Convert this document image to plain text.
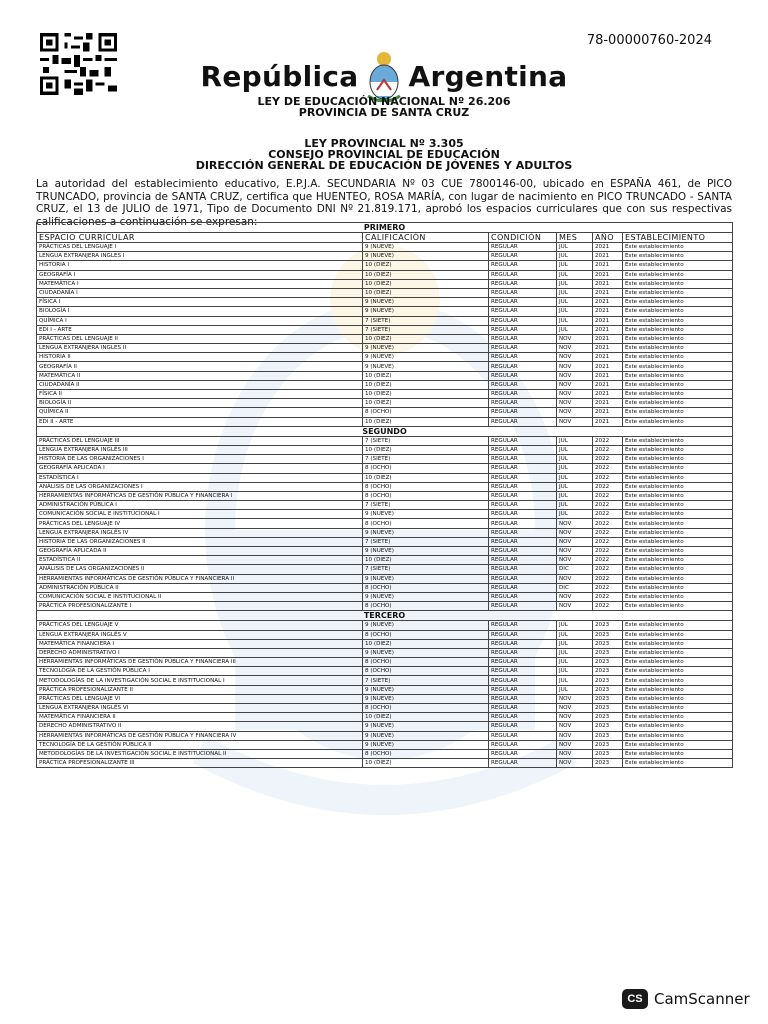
78-00000760-2024
República Argentina
LEY DE EDUCACIÓN NACIONAL Nº 26.206
PROVINCIA DE SANTA CRUZ
LEY PROVINCIAL Nº 3.305
CONSEJO PROVINCIAL DE EDUCACIÓN
DIRECCIÓN GENERAL DE EDUCACIÓN DE JÓVENES Y ADULTOS
La autoridad del establecimiento educativo, E.P.J.A. SECUNDARIA Nº 03 CUE 7800146-00, ubicado en ESPAÑA 461, de PICO TRUNCADO, provincia de SANTA CRUZ, certifica que HUENTEO, ROSA MARÍA, con lugar de nacimiento en PICO TRUNCADO - SANTA CRUZ, el 13 de JULIO de 1971, Tipo de Documento DNI Nº 21.819.171, aprobó los espacios curriculares que con sus respectivas calificaciones a continuación se expresan:	PRIMERO					
ESPACIO CURRICULAR	CALIFICACIÓN	CONDICIÓN	MES	AÑO	ESTABLECIMIENTO
PRÁCTICAS DEL LENGUAJE I	9 (NUEVE)	REGULAR	JUL	2021	Este establecimiento
LENGUA EXTRANJERA INGLES I	9 (NUEVE)	REGULAR	JUL	2021	Este establecimiento
HISTORIA I	10 (DIEZ)	REGULAR	JUL	2021	Este establecimiento
GEOGRAFÍA I	10 (DIEZ)	REGULAR	JUL	2021	Este establecimiento
MATEMÁTICA I	10 (DIEZ)	REGULAR	JUL	2021	Este establecimiento
CIUDADANÍA I	10 (DIEZ)	REGULAR	JUL	2021	Este establecimiento
FÍSICA I	9 (NUEVE)	REGULAR	JUL	2021	Este establecimiento
BIOLOGÍA I	9 (NUEVE)	REGULAR	JUL	2021	Este establecimiento
QUÍMICA I	7 (SIETE)	REGULAR	JUL	2021	Este establecimiento
EDI I - ARTE	7 (SIETE)	REGULAR	JUL	2021	Este establecimiento
PRÁCTICAS DEL LENGUAJE II	10 (DIEZ)	REGULAR	NOV	2021	Este establecimiento
LENGUA EXTRANJERA INGLES II	9 (NUEVE)	REGULAR	NOV	2021	Este establecimiento
HISTORIA II	9 (NUEVE)	REGULAR	NOV	2021	Este establecimiento
GEOGRAFÍA II	9 (NUEVE)	REGULAR	NOV	2021	Este establecimiento
MATEMÁTICA II	10 (DIEZ)	REGULAR	NOV	2021	Este establecimiento
CIUDADANÍA II	10 (DIEZ)	REGULAR	NOV	2021	Este establecimiento
FÍSICA II	10 (DIEZ)	REGULAR	NOV	2021	Este establecimiento
BIOLOGÍA II	10 (DIEZ)	REGULAR	NOV	2021	Este establecimiento
QUÍMICA II	8 (OCHO)	REGULAR	NOV	2021	Este establecimiento
EDI II - ARTE	10 (DIEZ)	REGULAR	NOV	2021	Este establecimiento
SEGUNDO					
PRÁCTICAS DEL LENGUAJE III	7 (SIETE)	REGULAR	JUL	2022	Este establecimiento
LENGUA EXTRANJERA INGLÉS III	10 (DIEZ)	REGULAR	JUL	2022	Este establecimiento
HISTORIA DE LAS ORGANIZACIONES I	7 (SIETE)	REGULAR	JUL	2022	Este establecimiento
GEOGRAFÍA APLICADA I	8 (OCHO)	REGULAR	JUL	2022	Este establecimiento
ESTADÍSTICA I	10 (DIEZ)	REGULAR	JUL	2022	Este establecimiento
ANÁLISIS DE LAS ORGANIZACIONES I	8 (OCHO)	REGULAR	JUL	2022	Este establecimiento
HERRAMIENTAS INFORMÁTICAS DE GESTIÓN PÚBLICA Y FINANCIERA I	8 (OCHO)	REGULAR	JUL	2022	Este establecimiento
ADMINISTRACIÓN PÚBLICA I	7 (SIETE)	REGULAR	JUL	2022	Este establecimiento
COMUNICACIÓN SOCIAL E INSTITUCIONAL I	9 (NUEVE)	REGULAR	JUL	2022	Este establecimiento
PRÁCTICAS DEL LENGUAJE IV	8 (OCHO)	REGULAR	NOV	2022	Este establecimiento
LENGUA EXTRANJERA INGLÉS IV	9 (NUEVE)	REGULAR	NOV	2022	Este establecimiento
HISTORIA DE LAS ORGANIZACIONES II	7 (SIETE)	REGULAR	NOV	2022	Este establecimiento
GEOGRAFÍA APLICADA II	9 (NUEVE)	REGULAR	NOV	2022	Este establecimiento
ESTADÍSTICA II	10 (DIEZ)	REGULAR	NOV	2022	Este establecimiento
ANÁLISIS DE LAS ORGANIZACIONES II	7 (SIETE)	REGULAR	DIC	2022	Este establecimiento
HERRAMIENTAS INFORMÁTICAS DE GESTIÓN PÚBLICA Y FINANCIERA II	9 (NUEVE)	REGULAR	NOV	2022	Este establecimiento
ADMINISTRACIÓN PÚBLICA II	8 (OCHO)	REGULAR	DIC	2022	Este establecimiento
COMUNICACIÓN SOCIAL E INSTITUCIONAL II	9 (NUEVE)	REGULAR	NOV	2022	Este establecimiento
PRÁCTICA PROFESIONALIZANTE I	8 (OCHO)	REGULAR	NOV	2022	Este establecimiento
TERCERO					
PRÁCTICAS DEL LENGUAJE V	9 (NUEVE)	REGULAR	JUL	2023	Este establecimiento
LENGUA EXTRANJERA INGLÉS V	8 (OCHO)	REGULAR	JUL	2023	Este establecimiento
MATEMÁTICA FINANCIERA I	10 (DIEZ)	REGULAR	JUL	2023	Este establecimiento
DERECHO ADMINISTRATIVO I	9 (NUEVE)	REGULAR	JUL	2023	Este establecimiento
HERRAMIENTAS INFORMÁTICAS DE GESTIÓN PÚBLICA Y FINANCIERA III	8 (OCHO)	REGULAR	JUL	2023	Este establecimiento
TECNOLOGÍA DE LA GESTIÓN PÚBLICA I	8 (OCHO)	REGULAR	JUL	2023	Este establecimiento
METODOLOGÍAS DE LA INVESTIGACIÓN SOCIAL E INSTITUCIONAL I	7 (SIETE)	REGULAR	JUL	2023	Este establecimiento
PRÁCTICA PROFESIONALIZANTE II	9 (NUEVE)	REGULAR	JUL	2023	Este establecimiento
PRÁCTICAS DEL LENGUAJE VI	9 (NUEVE)	REGULAR	NOV	2023	Este establecimiento
LENGUA EXTRANJERA INGLÉS VI	8 (OCHO)	REGULAR	NOV	2023	Este establecimiento
MATEMÁTICA FINANCIERA II	10 (DIEZ)	REGULAR	NOV	2023	Este establecimiento
DERECHO ADMINISTRATIVO II	9 (NUEVE)	REGULAR	NOV	2023	Este establecimiento
HERRAMIENTAS INFORMÁTICAS DE GESTIÓN PÚBLICA Y FINANCIERA IV	9 (NUEVE)	REGULAR	NOV	2023	Este establecimiento
TECNOLOGÍA DE LA GESTIÓN PÚBLICA II	9 (NUEVE)	REGULAR	NOV	2023	Este establecimiento
METODOLOGÍAS DE LA INVESTIGACIÓN SOCIAL E INSTITUCIONAL II	8 (OCHO)	REGULAR	NOV	2023	Este establecimiento
PRÁCTICA PROFESIONALIZANTE III	10 (DIEZ)	REGULAR	NOV	2023	Este establecimiento
CS CamScanner
